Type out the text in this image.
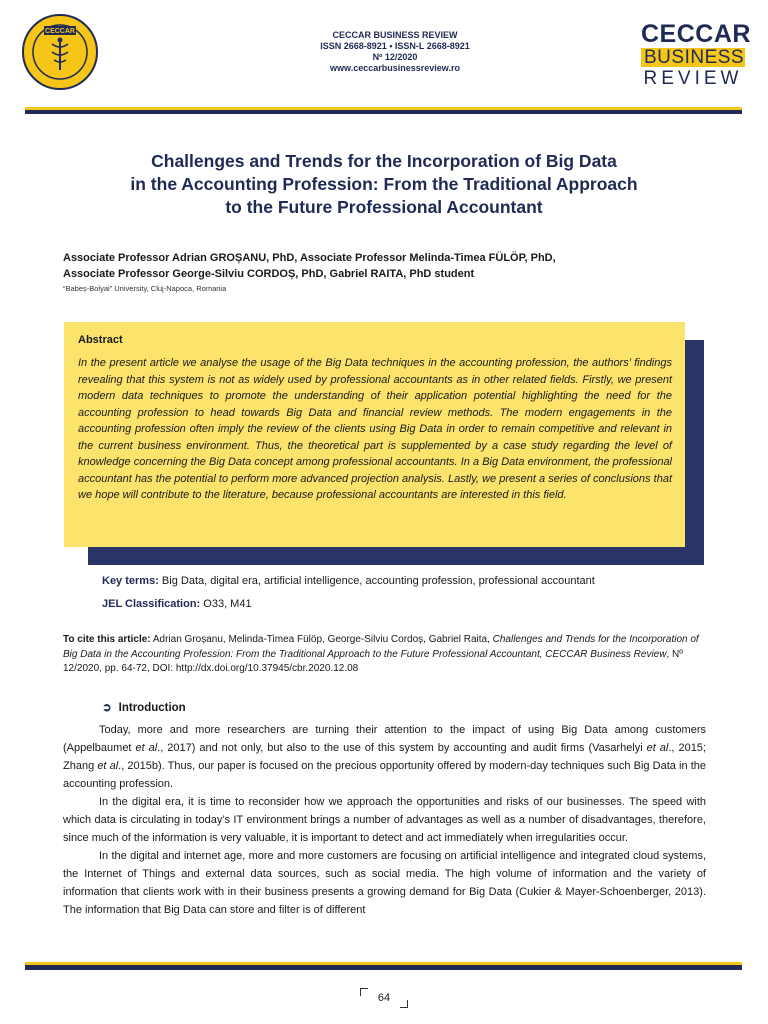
CECCAR	CECCAR BUSINESS REVIEW
ISSN 2668-8921 • ISSN-L 2668-8921
Nº 12/2020
www.ceccarbusinessreview.ro
CECCAR
BUSINESS
REVIEW
Challenges and Trends for the Incorporation of Big Data
in the Accounting Profession: From the Traditional Approach
to the Future Professional Accountant
Associate Professor Adrian GROȘANU, PhD, Associate Professor Melinda-Timea FÜLÖP, PhD,
Associate Professor George-Silviu CORDOȘ, PhD, Gabriel RAITA, PhD student
“Babeș-Bolyai” University, Cluj-Napoca, Romania
Abstract
In the present article we analyse the usage of the Big Data techniques in the accounting profession, the authors’ findings revealing that this system is not as widely used by professional accountants as in other related fields. Firstly, we present modern data techniques to promote the understanding of their application potential highlighting the need for the accounting profession to head towards Big Data and financial review methods. The modern engagements in the accounting profession often imply the review of the clients using Big Data in order to remain competitive and relevant in the current business environment. Thus, the theoretical part is supplemented by a case study regarding the level of knowledge concerning the Big Data concept among professional accountants. In a Big Data environment, the professional accountant has the potential to perform more advanced projection analysis. Lastly, we present a series of conclusions that we hope will contribute to the literature, because professional accountants are interested in this field.
Key terms: Big Data, digital era, artificial intelligence, accounting profession, professional accountant
JEL Classification: O33, M41
To cite this article: Adrian Groșanu, Melinda-Timea Fülöp, George-Silviu Cordoș, Gabriel Raita, Challenges and Trends for the Incorporation of Big Data in the Accounting Profession: From the Traditional Approach to the Future Professional Accountant, CECCAR Business Review, Nº 12/2020, pp. 64-72, DOI: http://dx.doi.org/10.37945/cbr.2020.12.08
➲ Introduction

Today, more and more researchers are turning their attention to the impact of using Big Data among customers (Appelbaumet et al., 2017) and not only, but also to the use of this system by accounting and audit firms (Vasarhelyi et al., 2015; Zhang et al., 2015b). Thus, our paper is focused on the precious opportunity offered by modern-day techniques such Big Data in the accounting profession.

In the digital era, it is time to reconsider how we approach the opportunities and risks of our businesses. The speed with which data is circulating in today’s IT environment brings a number of advantages as well as a number of disadvantages, therefore, since much of the information is very valuable, it is important to detect and act immediately when irregularities occur.

In the digital and internet age, more and more customers are focusing on artificial intelligence and integrated cloud systems, the Internet of Things and external data sources, such as social media. The high volume of information and the variety of information that clients work with in their business presents a growing demand for Big Data (Cukier & Mayer-Schoenberger, 2013). The information that Big Data can store and filter is of different

64
